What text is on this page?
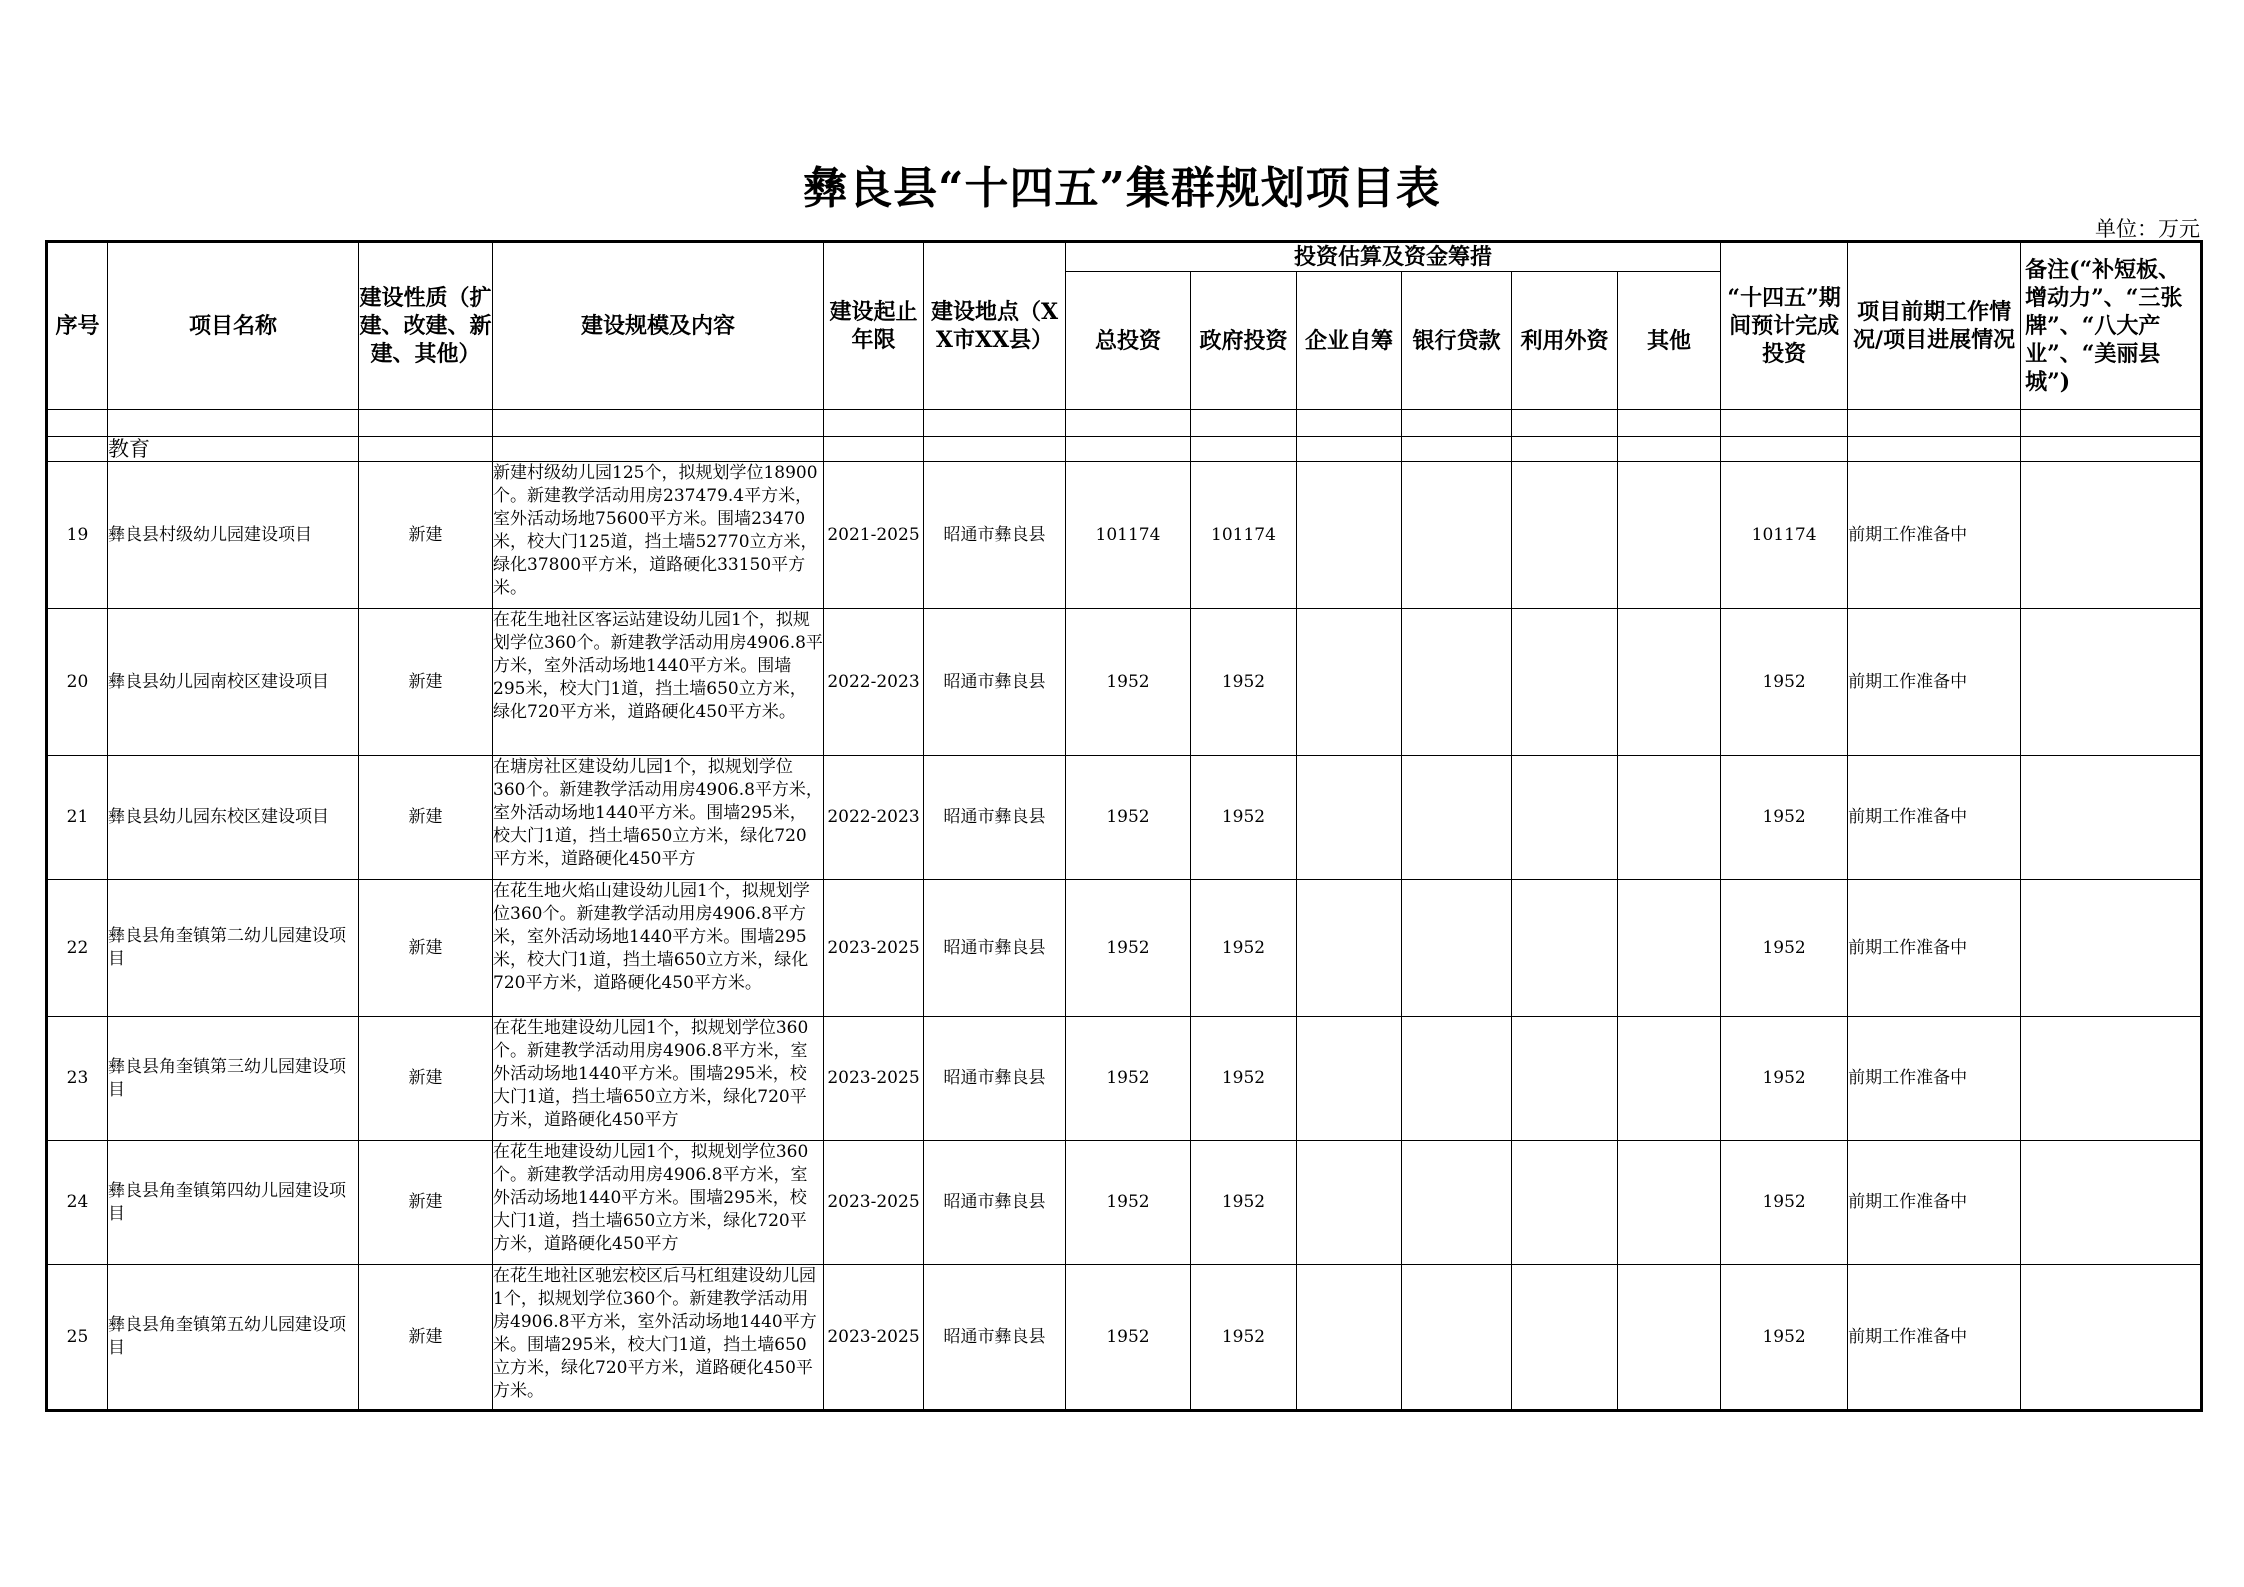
彝良县“十四五”集群规划项目表
单位：万元
序号	项目名称	建设性质（扩建、改建、新建、其他）	建设规模及内容	建设起止年限	建设地点（XX市XX县）	投资估算及资金筹措						“十四五”期间预计完成投资	项目前期工作情况/项目进展情况	备注(“补短板、增动力”、“三张牌”、“八大产业”、“美丽县城”)
						总投资	政府投资	企业自筹	银行贷款	利用外资	其他			

	教育													
19	彝良县村级幼儿园建设项目	新建	新建村级幼儿园125个，拟规划学位18900个。新建教学活动用房237479.4平方米，室外活动场地75600平方米。围墙23470米，校大门125道，挡土墙52770立方米，绿化37800平方米，道路硬化33150平方米。	2021-2025	昭通市彝良县	101174	101174					101174	前期工作准备中	
20	彝良县幼儿园南校区建设项目	新建	在花生地社区客运站建设幼儿园1个，拟规划学位360个。新建教学活动用房4906.8平方米，室外活动场地1440平方米。围墙295米，校大门1道，挡土墙650立方米，绿化720平方米，道路硬化450平方米。	2022-2023	昭通市彝良县	1952	1952					1952	前期工作准备中	
21	彝良县幼儿园东校区建设项目	新建	在塘房社区建设幼儿园1个，拟规划学位360个。新建教学活动用房4906.8平方米，室外活动场地1440平方米。围墙295米，校大门1道，挡土墙650立方米，绿化720平方米，道路硬化450平方	2022-2023	昭通市彝良县	1952	1952					1952	前期工作准备中	
22	彝良县角奎镇第二幼儿园建设项目	新建	在花生地火焰山建设幼儿园1个，拟规划学位360个。新建教学活动用房4906.8平方米，室外活动场地1440平方米。围墙295米，校大门1道，挡土墙650立方米，绿化720平方米，道路硬化450平方米。	2023-2025	昭通市彝良县	1952	1952					1952	前期工作准备中	
23	彝良县角奎镇第三幼儿园建设项目	新建	在花生地建设幼儿园1个，拟规划学位360个。新建教学活动用房4906.8平方米，室外活动场地1440平方米。围墙295米，校大门1道，挡土墙650立方米，绿化720平方米，道路硬化450平方	2023-2025	昭通市彝良县	1952	1952					1952	前期工作准备中	
24	彝良县角奎镇第四幼儿园建设项目	新建	在花生地建设幼儿园1个，拟规划学位360个。新建教学活动用房4906.8平方米，室外活动场地1440平方米。围墙295米，校大门1道，挡土墙650立方米，绿化720平方米，道路硬化450平方	2023-2025	昭通市彝良县	1952	1952					1952	前期工作准备中	
25	彝良县角奎镇第五幼儿园建设项目	新建	在花生地社区驰宏校区后马杠组建设幼儿园1个，拟规划学位360个。新建教学活动用房4906.8平方米，室外活动场地1440平方米。围墙295米，校大门1道，挡土墙650立方米，绿化720平方米，道路硬化450平方米。	2023-2025	昭通市彝良县	1952	1952					1952	前期工作准备中	
